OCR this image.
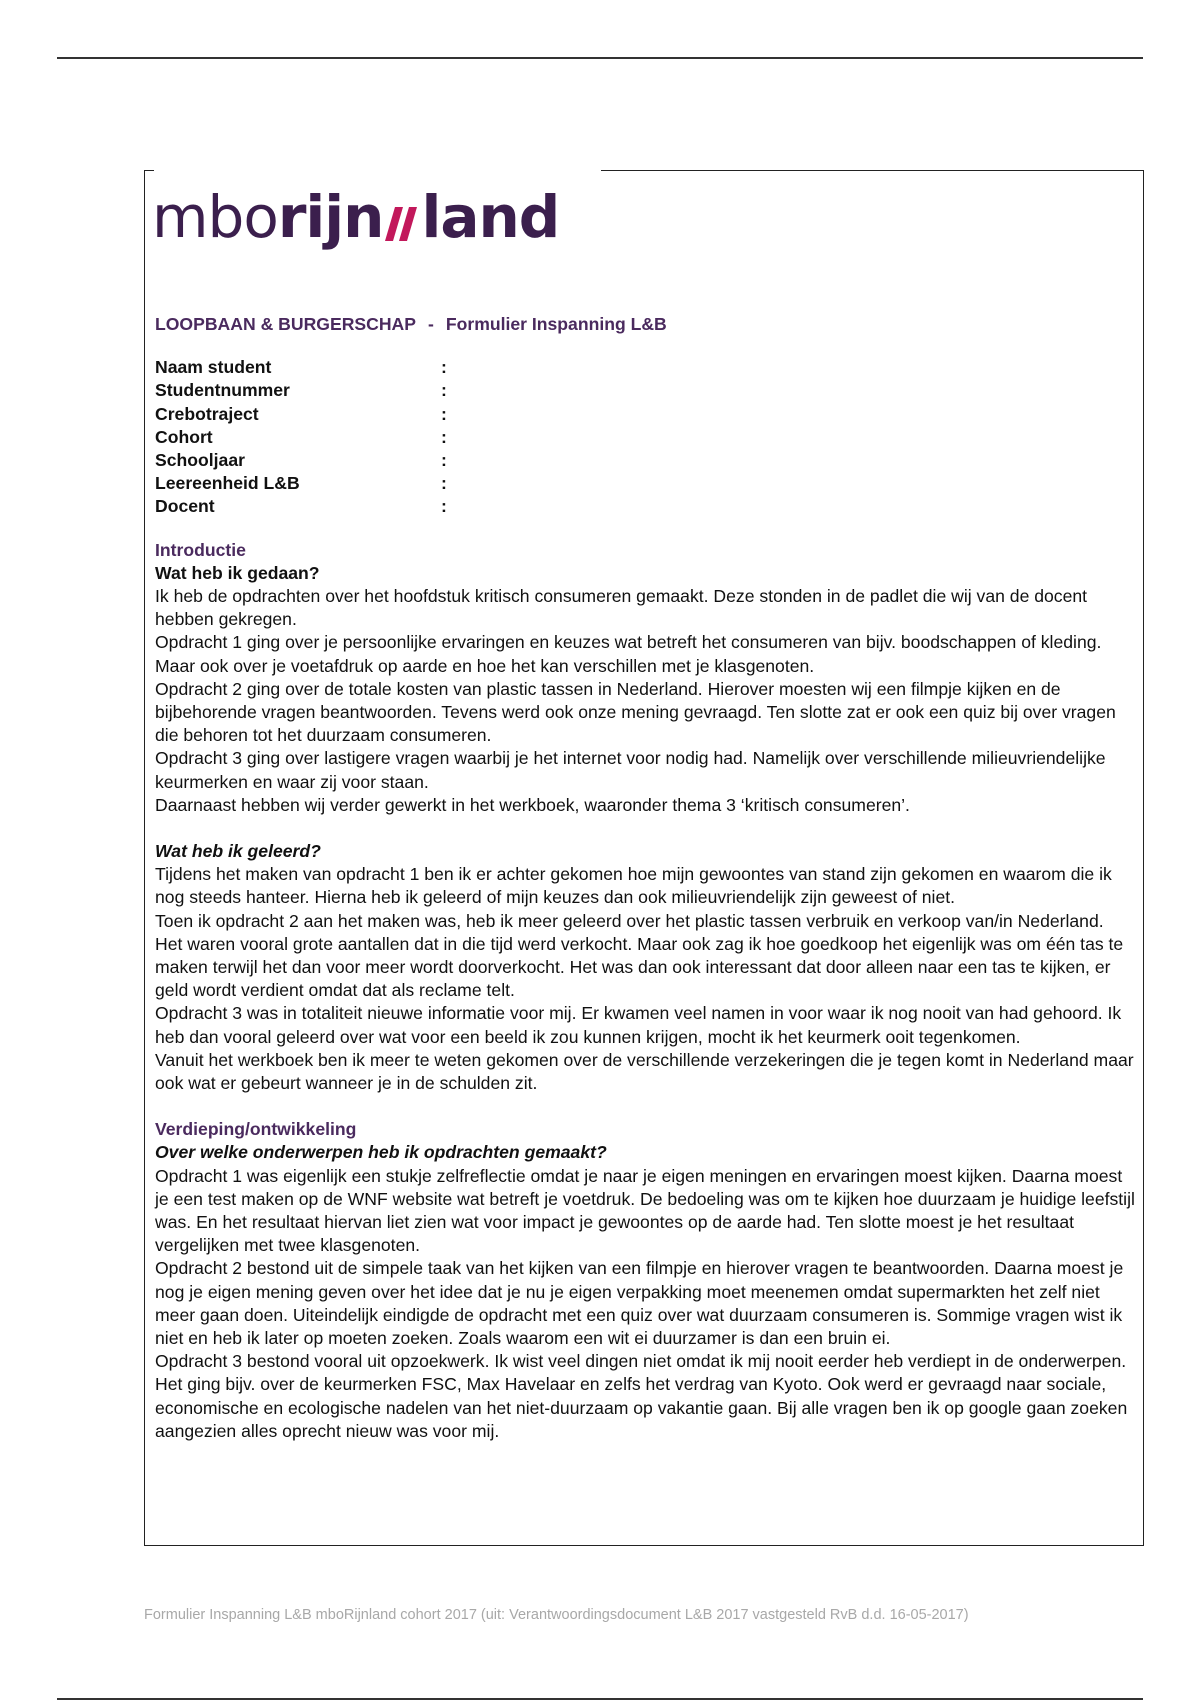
mborijn land
LOOPBAAN & BURGERSCHAP - Formulier Inspanning L&B
Naam student	:
Studentnummer	:
Crebotraject	:
Cohort	:
Schooljaar	:
Leereenheid L&B	:
Docent	:
Introductie
Wat heb ik gedaan?

Ik heb de opdrachten over het hoofdstuk kritisch consumeren gemaakt. Deze stonden in de padlet die wij van de docent hebben gekregen.

Opdracht 1 ging over je persoonlijke ervaringen en keuzes wat betreft het consumeren van bijv. boodschappen of kleding. Maar ook over je voetafdruk op aarde en hoe het kan verschillen met je klasgenoten.

Opdracht 2 ging over de totale kosten van plastic tassen in Nederland. Hierover moesten wij een filmpje kijken en de bijbehorende vragen beantwoorden. Tevens werd ook onze mening gevraagd. Ten slotte zat er ook een quiz bij over vragen die behoren tot het duurzaam consumeren.

Opdracht 3 ging over lastigere vragen waarbij je het internet voor nodig had. Namelijk over verschillende milieuvriendelijke keurmerken en waar zij voor staan.

Daarnaast hebben wij verder gewerkt in het werkboek, waaronder thema 3 ‘kritisch consumeren’.

Wat heb ik geleerd?

Tijdens het maken van opdracht 1 ben ik er achter gekomen hoe mijn gewoontes van stand zijn gekomen en waarom die ik nog steeds hanteer. Hierna heb ik geleerd of mijn keuzes dan ook milieuvriendelijk zijn geweest of niet.

Toen ik opdracht 2 aan het maken was, heb ik meer geleerd over het plastic tassen verbruik en verkoop van/in Nederland. Het waren vooral grote aantallen dat in die tijd werd verkocht. Maar ook zag ik hoe goedkoop het eigenlijk was om één tas te maken terwijl het dan voor meer wordt doorverkocht. Het was dan ook interessant dat door alleen naar een tas te kijken, er geld wordt verdient omdat dat als reclame telt.

Opdracht 3 was in totaliteit nieuwe informatie voor mij. Er kwamen veel namen in voor waar ik nog nooit van had gehoord. Ik heb dan vooral geleerd over wat voor een beeld ik zou kunnen krijgen, mocht ik het keurmerk ooit tegenkomen.

Vanuit het werkboek ben ik meer te weten gekomen over de verschillende verzekeringen die je tegen komt in Nederland maar ook wat er gebeurt wanneer je in de schulden zit.

Verdieping/ontwikkeling
Over welke onderwerpen heb ik opdrachten gemaakt?

Opdracht 1 was eigenlijk een stukje zelfreflectie omdat je naar je eigen meningen en ervaringen moest kijken. Daarna moest je een test maken op de WNF website wat betreft je voetdruk. De bedoeling was om te kijken hoe duurzaam je huidige leefstijl was. En het resultaat hiervan liet zien wat voor impact je gewoontes op de aarde had. Ten slotte moest je het resultaat vergelijken met twee klasgenoten.

Opdracht 2 bestond uit de simpele taak van het kijken van een filmpje en hierover vragen te beantwoorden. Daarna moest je nog je eigen mening geven over het idee dat je nu je eigen verpakking moet meenemen omdat supermarkten het zelf niet meer gaan doen. Uiteindelijk eindigde de opdracht met een quiz over wat duurzaam consumeren is. Sommige vragen wist ik niet en heb ik later op moeten zoeken. Zoals waarom een wit ei duurzamer is dan een bruin ei.

Opdracht 3 bestond vooral uit opzoekwerk. Ik wist veel dingen niet omdat ik mij nooit eerder heb verdiept in de onderwerpen. Het ging bijv. over de keurmerken FSC, Max Havelaar en zelfs het verdrag van Kyoto. Ook werd er gevraagd naar sociale, economische en ecologische nadelen van het niet-duurzaam op vakantie gaan. Bij alle vragen ben ik op google gaan zoeken aangezien alles oprecht nieuw was voor mij.

Formulier Inspanning L&B mboRijnland cohort 2017 (uit: Verantwoordingsdocument L&B 2017 vastgesteld RvB d.d. 16-05-2017)
